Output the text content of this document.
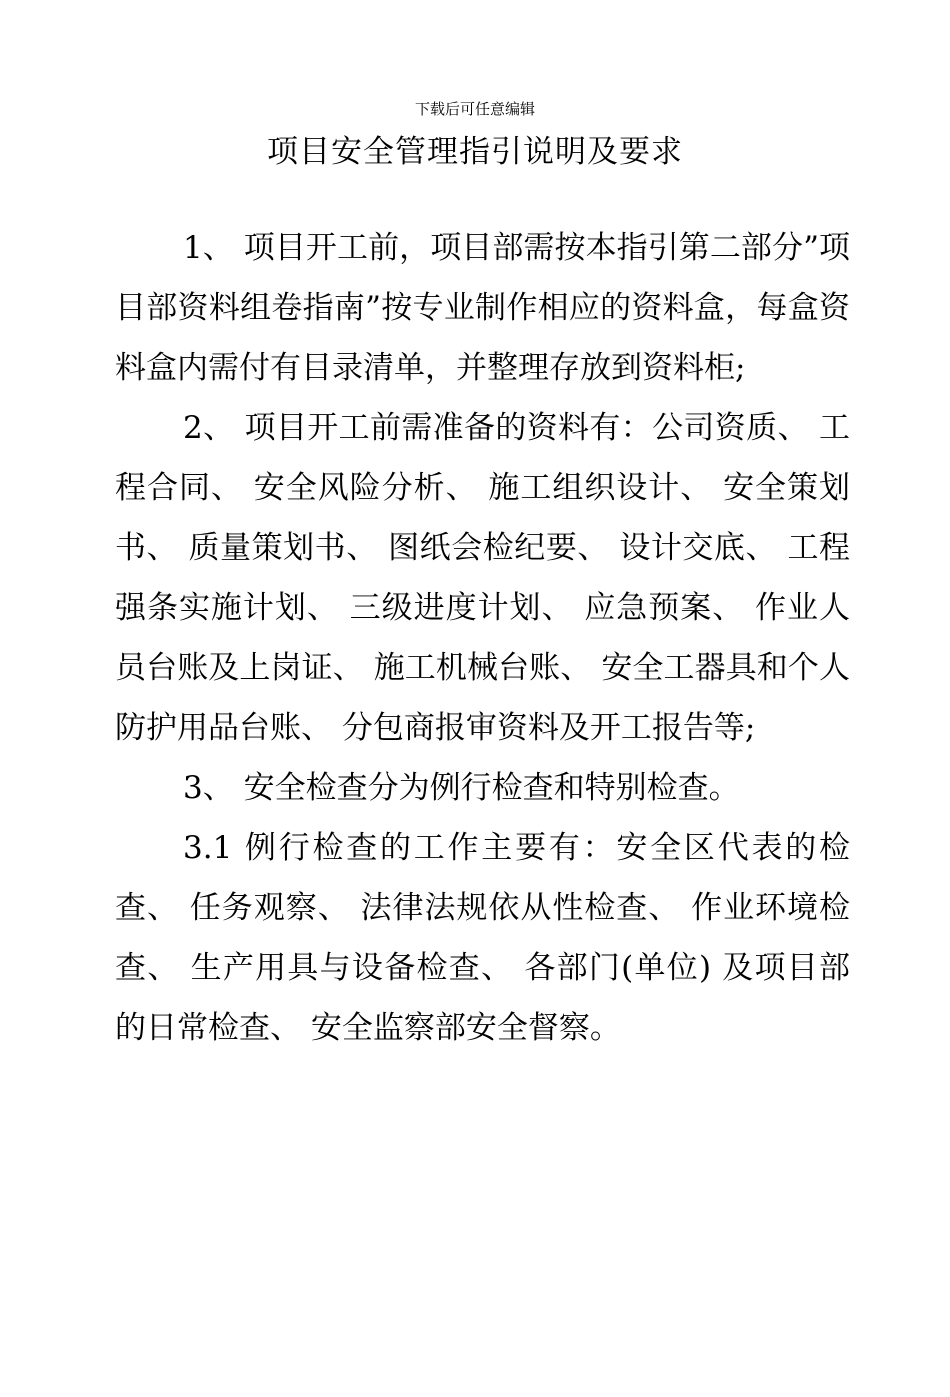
下载后可任意编辑
项目安全管理指引说明及要求

1、 项目开工前，项目部需按本指引第二部分”项目部资料组卷指南”按专业制作相应的资料盒，每盒资料盒内需付有目录清单，并整理存放到资料柜;

2、 项目开工前需准备的资料有：公司资质、 工程合同、 安全风险分析、 施工组织设计、 安全策划书、 质量策划书、 图纸会检纪要、 设计交底、 工程强条实施计划、 三级进度计划、 应急预案、 作业人员台账及上岗证、 施工机械台账、 安全工器具和个人防护用品台账、 分包商报审资料及开工报告等;

3、 安全检查分为例行检查和特别检查。

3.1 例行检查的工作主要有：安全区代表的检查、 任务观察、 法律法规依从性检查、 作业环境检查、 生产用具与设备检查、 各部门(单位) 及项目部的日常检查、 安全监察部安全督察。
